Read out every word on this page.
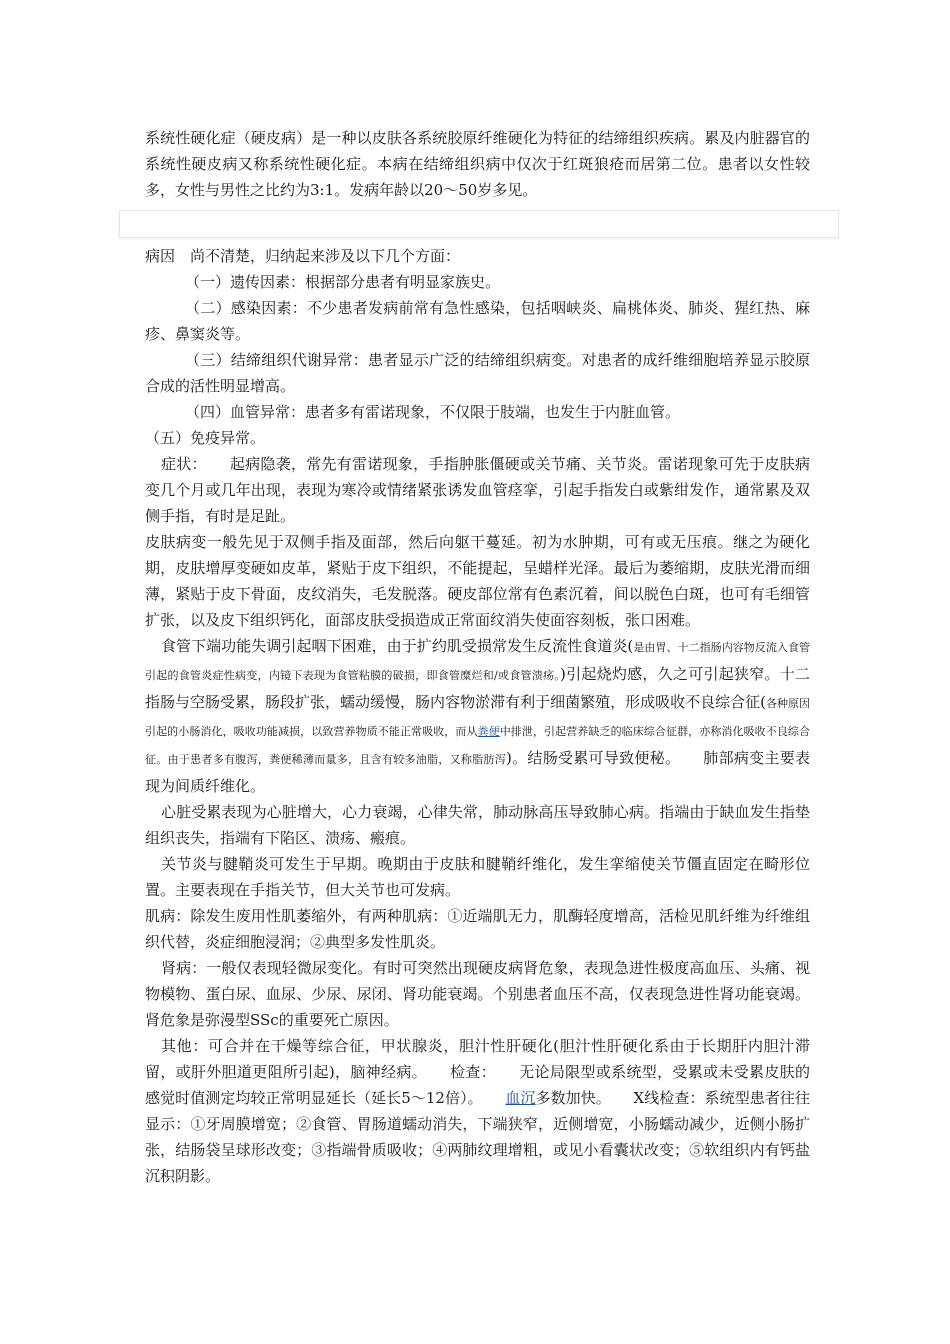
系统性硬化症（硬皮病）是一种以皮肤各系统胶原纤维硬化为特征的结缔组织疾病。累及内脏器官的系统性硬皮病又称系统性硬化症。本病在结缔组织病中仅次于红斑狼疮而居第二位。患者以女性较多，女性与男性之比约为3:1。发病年龄以20～50岁多见。

病因　尚不清楚，归纳起来涉及以下几个方面：

（一）遗传因素：根据部分患者有明显家族史。

（二）感染因素：不少患者发病前常有急性感染，包括咽峡炎、扁桃体炎、肺炎、猩红热、麻疹、鼻窦炎等。

（三）结缔组织代谢异常：患者显示广泛的结缔组织病变。对患者的成纤维细胞培养显示胶原合成的活性明显增高。

（四）血管异常：患者多有雷诺现象，不仅限于肢端，也发生于内脏血管。

（五）免疫异常。

症状：　　起病隐袭，常先有雷诺现象，手指肿胀僵硬或关节痛、关节炎。雷诺现象可先于皮肤病变几个月或几年出现，表现为寒冷或情绪紧张诱发血管痉挛，引起手指发白或紫绀发作，通常累及双侧手指，有时是足趾。

皮肤病变一般先见于双侧手指及面部，然后向躯干蔓延。初为水肿期，可有或无压痕。继之为硬化期，皮肤增厚变硬如皮革，紧贴于皮下组织，不能提起，呈蜡样光泽。最后为萎缩期，皮肤光滑而细薄，紧贴于皮下骨面，皮纹消失，毛发脱落。硬皮部位常有色素沉着，间以脱色白斑，也可有毛细管扩张，以及皮下组织钙化，面部皮肤受损造成正常面纹消失使面容刻板，张口困难。

食管下端功能失调引起咽下困难，由于扩约肌受损常发生反流性食道炎(是由胃、十二指肠内容物反流入食管引起的食管炎症性病变，内镜下表现为食管粘膜的破损，即食管糜烂和/或食管溃疡。)引起烧灼感，久之可引起狭窄。十二指肠与空肠受累，肠段扩张，蠕动缓慢，肠内容物淤滞有利于细菌繁殖，形成吸收不良综合征(各种原因引起的小肠消化，吸收功能减损，以致营养物质不能正常吸收，而从粪便中排泄，引起营养缺乏的临床综合征群，亦称消化吸收不良综合征。由于患者多有腹泻，粪便稀薄而量多，且含有较多油脂，又称脂肪泻)。结肠受累可导致便秘。　　肺部病变主要表现为间质纤维化。

心脏受累表现为心脏增大，心力衰竭，心律失常，肺动脉高压导致肺心病。指端由于缺血发生指垫组织丧失，指端有下陷区、溃疡、瘢痕。

关节炎与腱鞘炎可发生于早期。晚期由于皮肤和腱鞘纤维化，发生挛缩使关节僵直固定在畸形位置。主要表现在手指关节，但大关节也可发病。

肌病：除发生废用性肌萎缩外，有两种肌病：①近端肌无力，肌酶轻度增高，活检见肌纤维为纤维组织代替，炎症细胞浸润；②典型多发性肌炎。

肾病：一般仅表现轻微尿变化。有时可突然出现硬皮病肾危象，表现急进性极度高血压、头痛、视物模物、蛋白尿、血尿、少尿、尿闭、肾功能衰竭。个别患者血压不高，仅表现急进性肾功能衰竭。肾危象是弥漫型SSc的重要死亡原因。

其他：可合并在干燥等综合征，甲状腺炎，胆汁性肝硬化(胆汁性肝硬化系由于长期肝内胆汁滞留，或肝外胆道更阻所引起)，脑神经病。　　检查：　　无论局限型或系统型，受累或未受累皮肤的感觉时值测定均较正常明显延长（延长5～12倍）。　　血沉多数加快。　　X线检查：系统型患者往往显示：①牙周膜增宽；②食管、胃肠道蠕动消失，下端狭窄，近侧增宽，小肠蠕动减少，近侧小肠扩张，结肠袋呈球形改变；③指端骨质吸收；④两肺纹理增粗，或见小看囊状改变；⑤软组织内有钙盐沉积阴影。
